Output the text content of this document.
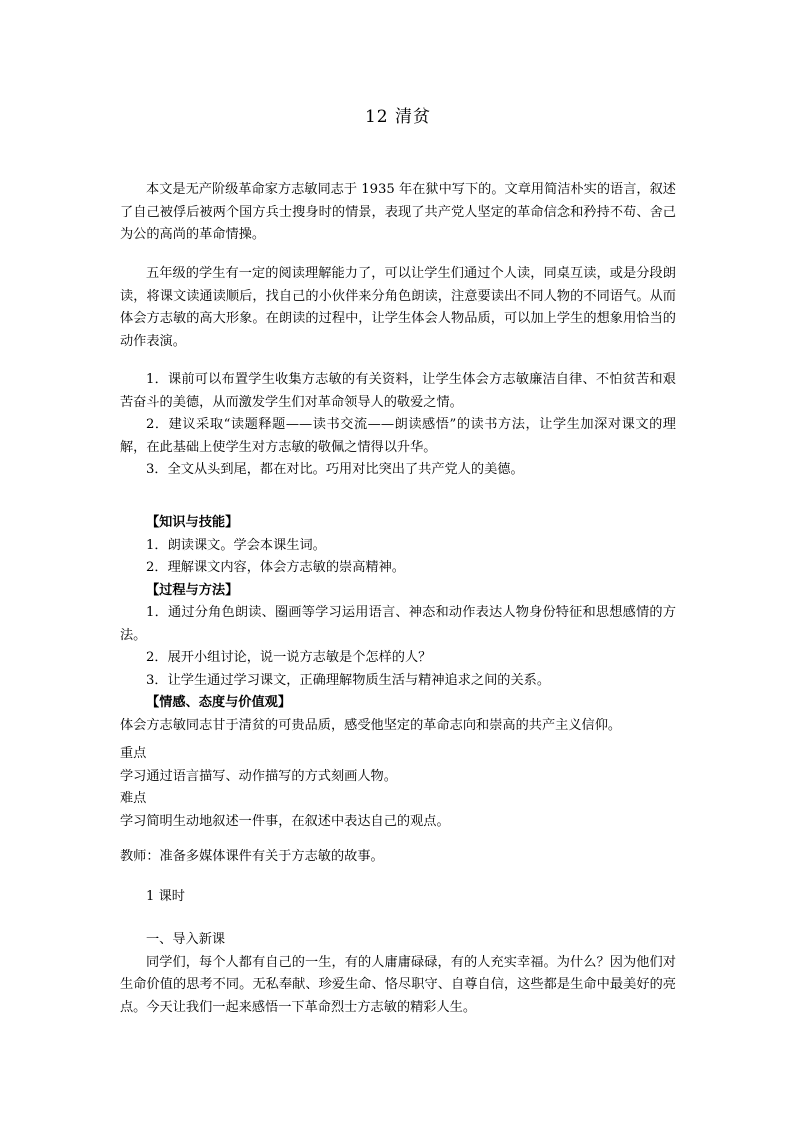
12 清贫

本文是无产阶级革命家方志敏同志于 1935 年在狱中写下的。文章用简洁朴实的语言，叙述了自己被俘后被两个国方兵士搜身时的情景，表现了共产党人坚定的革命信念和矜持不苟、舍己为公的高尚的革命情操。

五年级的学生有一定的阅读理解能力了，可以让学生们通过个人读，同桌互读，或是分段朗读，将课文读通读顺后，找自己的小伙伴来分角色朗读，注意要读出不同人物的不同语气。从而体会方志敏的高大形象。在朗读的过程中，让学生体会人物品质，可以加上学生的想象用恰当的动作表演。

1．课前可以布置学生收集方志敏的有关资料，让学生体会方志敏廉洁自律、不怕贫苦和艰苦奋斗的美德，从而激发学生们对革命领导人的敬爱之情。

2．建议采取“读题释题——读书交流——朗读感悟”的读书方法，让学生加深对课文的理解，在此基础上使学生对方志敏的敬佩之情得以升华。

3．全文从头到尾，都在对比。巧用对比突出了共产党人的美德。

【知识与技能】

1．朗读课文。学会本课生词。

2．理解课文内容，体会方志敏的崇高精神。

【过程与方法】

1．通过分角色朗读、圈画等学习运用语言、神态和动作表达人物身份特征和思想感情的方法。

2．展开小组讨论，说一说方志敏是个怎样的人？

3．让学生通过学习课文，正确理解物质生活与精神追求之间的关系。

【情感、态度与价值观】

体会方志敏同志甘于清贫的可贵品质，感受他坚定的革命志向和崇高的共产主义信仰。

重点

学习通过语言描写、动作描写的方式刻画人物。

难点

学习简明生动地叙述一件事，在叙述中表达自己的观点。

教师：准备多媒体课件有关于方志敏的故事。

1 课时

一、导入新课

同学们，每个人都有自己的一生，有的人庸庸碌碌，有的人充实幸福。为什么？因为他们对生命价值的思考不同。无私奉献、珍爱生命、恪尽职守、自尊自信，这些都是生命中最美好的亮点。今天让我们一起来感悟一下革命烈士方志敏的精彩人生。
